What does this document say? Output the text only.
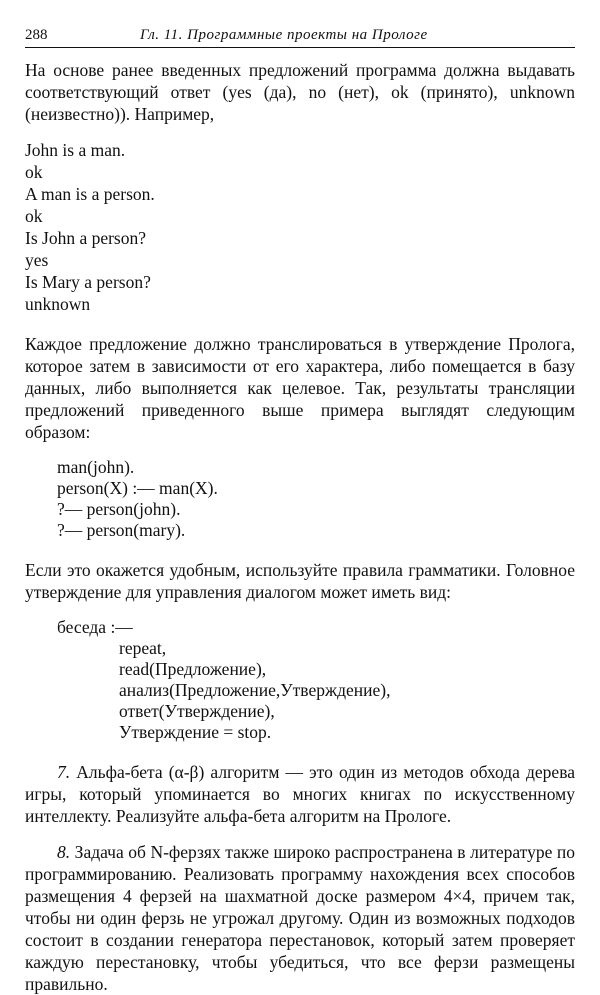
288	Гл. 11. Программные проекты на Прологе

На основе ранее введенных предложений программа должна выдавать соответствующий ответ (yes (да), no (нет), ok (принято), unknown (неизвестно)). Например,

John is a man.
ok
A man is a person.
ok
Is John a person?
yes
Is Mary a person?
unknown

Каждое предложение должно транслироваться в утверждение Пролога, которое затем в зависимости от его характера, либо помещается в базу данных, либо выполняется как целевое. Так, результаты трансляции предложений приведенного выше примера выглядят следующим образом:

man(john).
person(X) :— man(X).
?— person(john).
?— person(mary).

Если это окажется удобным, используйте правила грамматики. Головное утверждение для управления диалогом может иметь вид:

беседа :—
repeat,
read(Предложение),
анализ(Предложение,Утверждение),
ответ(Утверждение),
Утверждение = stop.

7. Альфа-бета (α-β) алгоритм — это один из методов обхода дерева игры, который упоминается во многих книгах по искусственному интеллекту. Реализуйте альфа-бета алгоритм на Прологе.

8. Задача об N-ферзях также широко распространена в литературе по программированию. Реализовать программу нахождения всех способов размещения 4 ферзей на шахматной доске размером 4×4, причем так, чтобы ни один ферзь не угрожал другому. Один из возможных подходов состоит в создании генератора перестановок, который затем проверяет каждую перестановку, чтобы убедиться, что все ферзи размещены правильно.
